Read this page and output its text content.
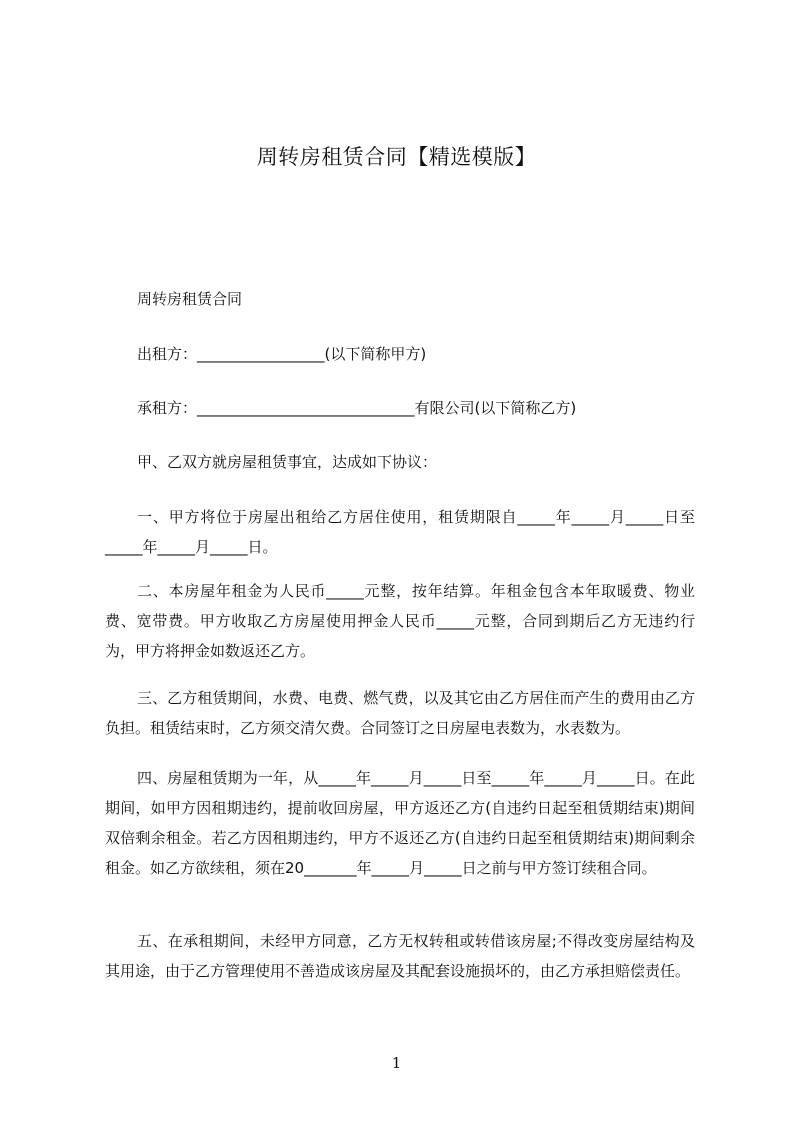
周转房租赁合同【精选模版】
周转房租赁合同
出租方：_________________(以下简称甲方)
承租方：_____________________________有限公司(以下简称乙方)
甲、乙双方就房屋租赁事宜，达成如下协议：

一、甲方将位于房屋出租给乙方居住使用，租赁期限自_____年_____月_____日至_____年_____月_____日。

二、本房屋年租金为人民币_____元整，按年结算。年租金包含本年取暖费、物业费、宽带费。甲方收取乙方房屋使用押金人民币_____元整，合同到期后乙方无违约行为，甲方将押金如数返还乙方。

三、乙方租赁期间，水费、电费、燃气费，以及其它由乙方居住而产生的费用由乙方负担。租赁结束时，乙方须交清欠费。合同签订之日房屋电表数为，水表数为。

四、房屋租赁期为一年，从_____年_____月_____日至_____年_____月_____日。在此期间，如甲方因租期违约，提前收回房屋，甲方返还乙方(自违约日起至租赁期结束)期间双倍剩余租金。若乙方因租期违约，甲方不返还乙方(自违约日起至租赁期结束)期间剩余租金。如乙方欲续租，须在20_______年_____月_____日之前与甲方签订续租合同。

五、在承租期间，未经甲方同意，乙方无权转租或转借该房屋;不得改变房屋结构及其用途，由于乙方管理使用不善造成该房屋及其配套设施损坏的，由乙方承担赔偿责任。

1
